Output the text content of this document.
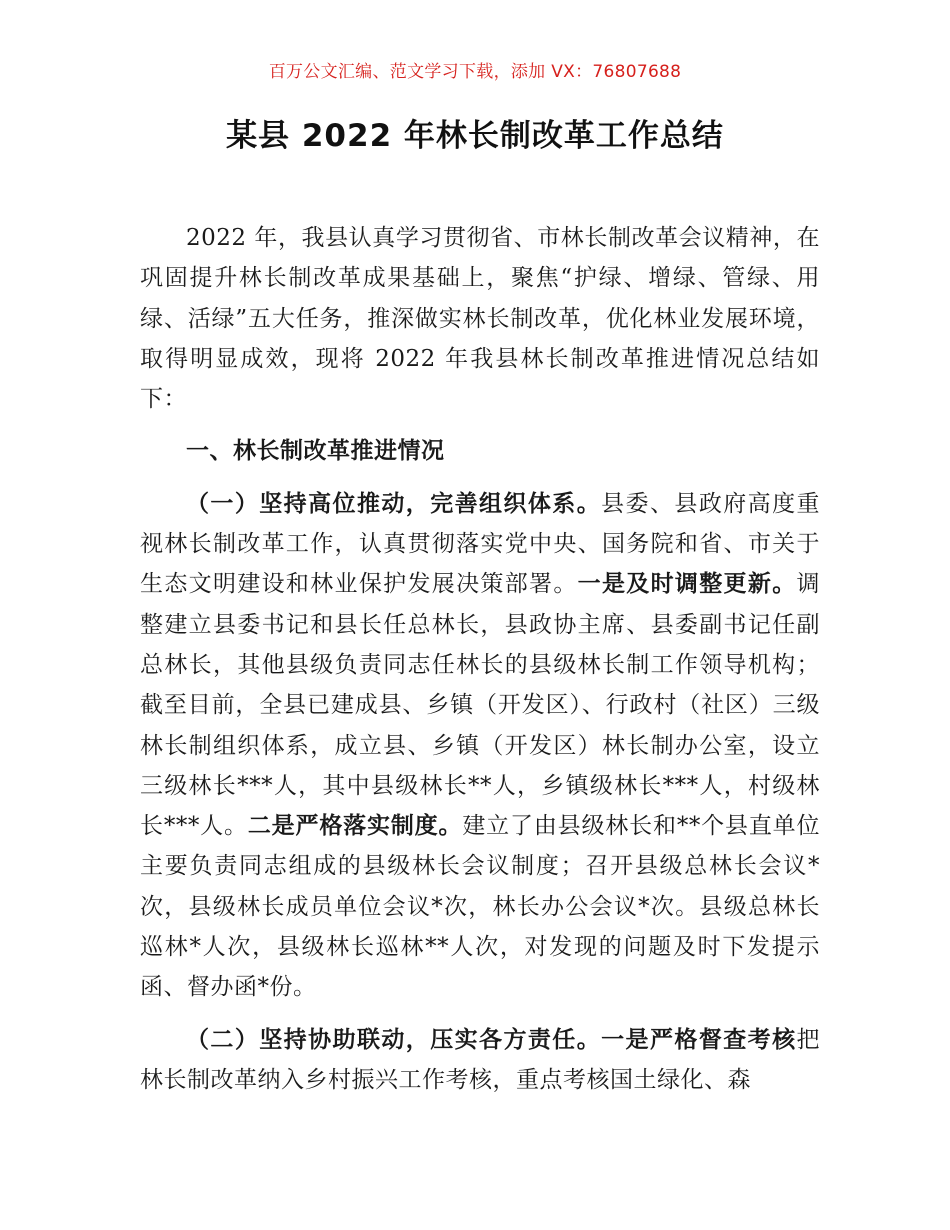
百万公文汇编、范文学习下载，添加 VX：76807688
某县 2022 年林长制改革工作总结

2022 年，我县认真学习贯彻省、市林长制改革会议精神，在巩固提升林长制改革成果基础上，聚焦“护绿、增绿、管绿、用绿、活绿”五大任务，推深做实林长制改革，优化林业发展环境，取得明显成效，现将 2022 年我县林长制改革推进情况总结如下：

一、林长制改革推进情况

（一）坚持高位推动，完善组织体系。县委、县政府高度重视林长制改革工作，认真贯彻落实党中央、国务院和省、市关于生态文明建设和林业保护发展决策部署。一是及时调整更新。调整建立县委书记和县长任总林长，县政协主席、县委副书记任副总林长，其他县级负责同志任林长的县级林长制工作领导机构；截至目前，全县已建成县、乡镇（开发区）、行政村（社区）三级林长制组织体系，成立县、乡镇（开发区）林长制办公室，设立三级林长***人，其中县级林长**人，乡镇级林长***人，村级林长***人。二是严格落实制度。建立了由县级林长和**个县直单位主要负责同志组成的县级林长会议制度；召开县级总林长会议*次，县级林长成员单位会议*次，林长办公会议*次。县级总林长巡林*人次，县级林长巡林**人次，对发现的问题及时下发提示函、督办函*份。

（二）坚持协助联动，压实各方责任。一是严格督查考核把林长制改革纳入乡村振兴工作考核，重点考核国土绿化、森
